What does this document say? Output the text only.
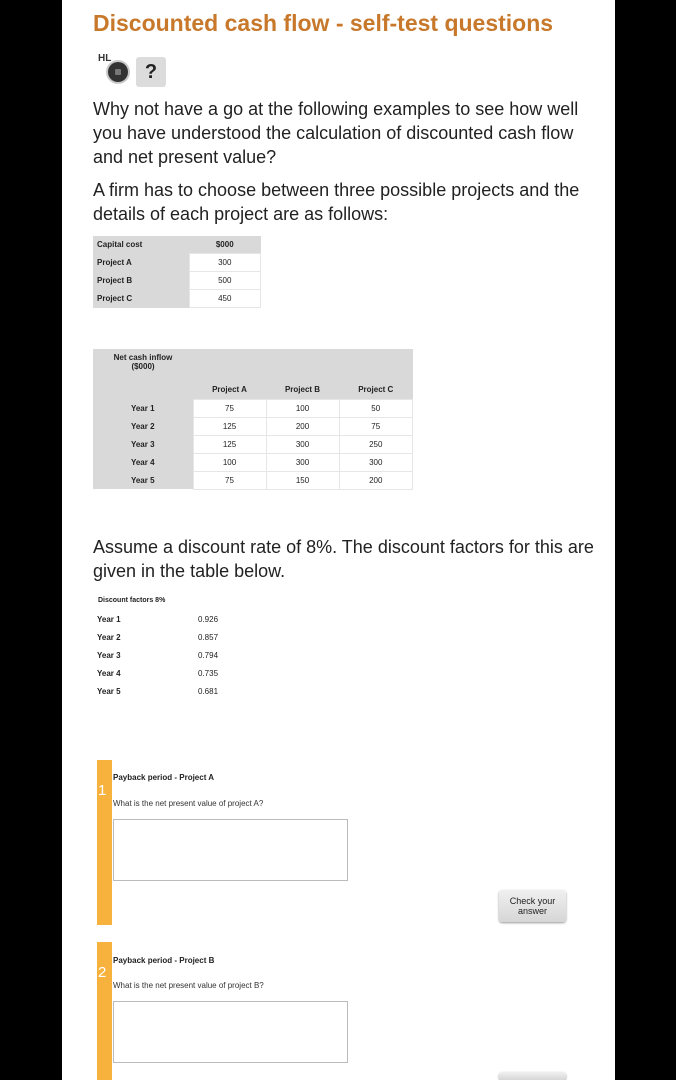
Discounted cash flow - self-test questions
HL
?
Why not have a go at the following examples to see how well you have understood the calculation of discounted cash flow and net present value?
A firm has to choose between three possible projects and the details of each project are as follows:
Capital cost	$000
Project A	300
Project B	500
Project C	450
Net cash inflow
($000)			
	Project A	Project B	Project C
Year 1	75	100	50
Year 2	125	200	75
Year 3	125	300	250
Year 4	100	300	300
Year 5	75	150	200
Assume a discount rate of 8%. The discount factors for this are given in the table below.
Discount factors 8%
Year 1	0.926
Year 2	0.857
Year 3	0.794
Year 4	0.735
Year 5	0.681
1
Payback period - Project A
What is the net present value of project A?
Check your answer
2
Payback period - Project B
What is the net present value of project B?
